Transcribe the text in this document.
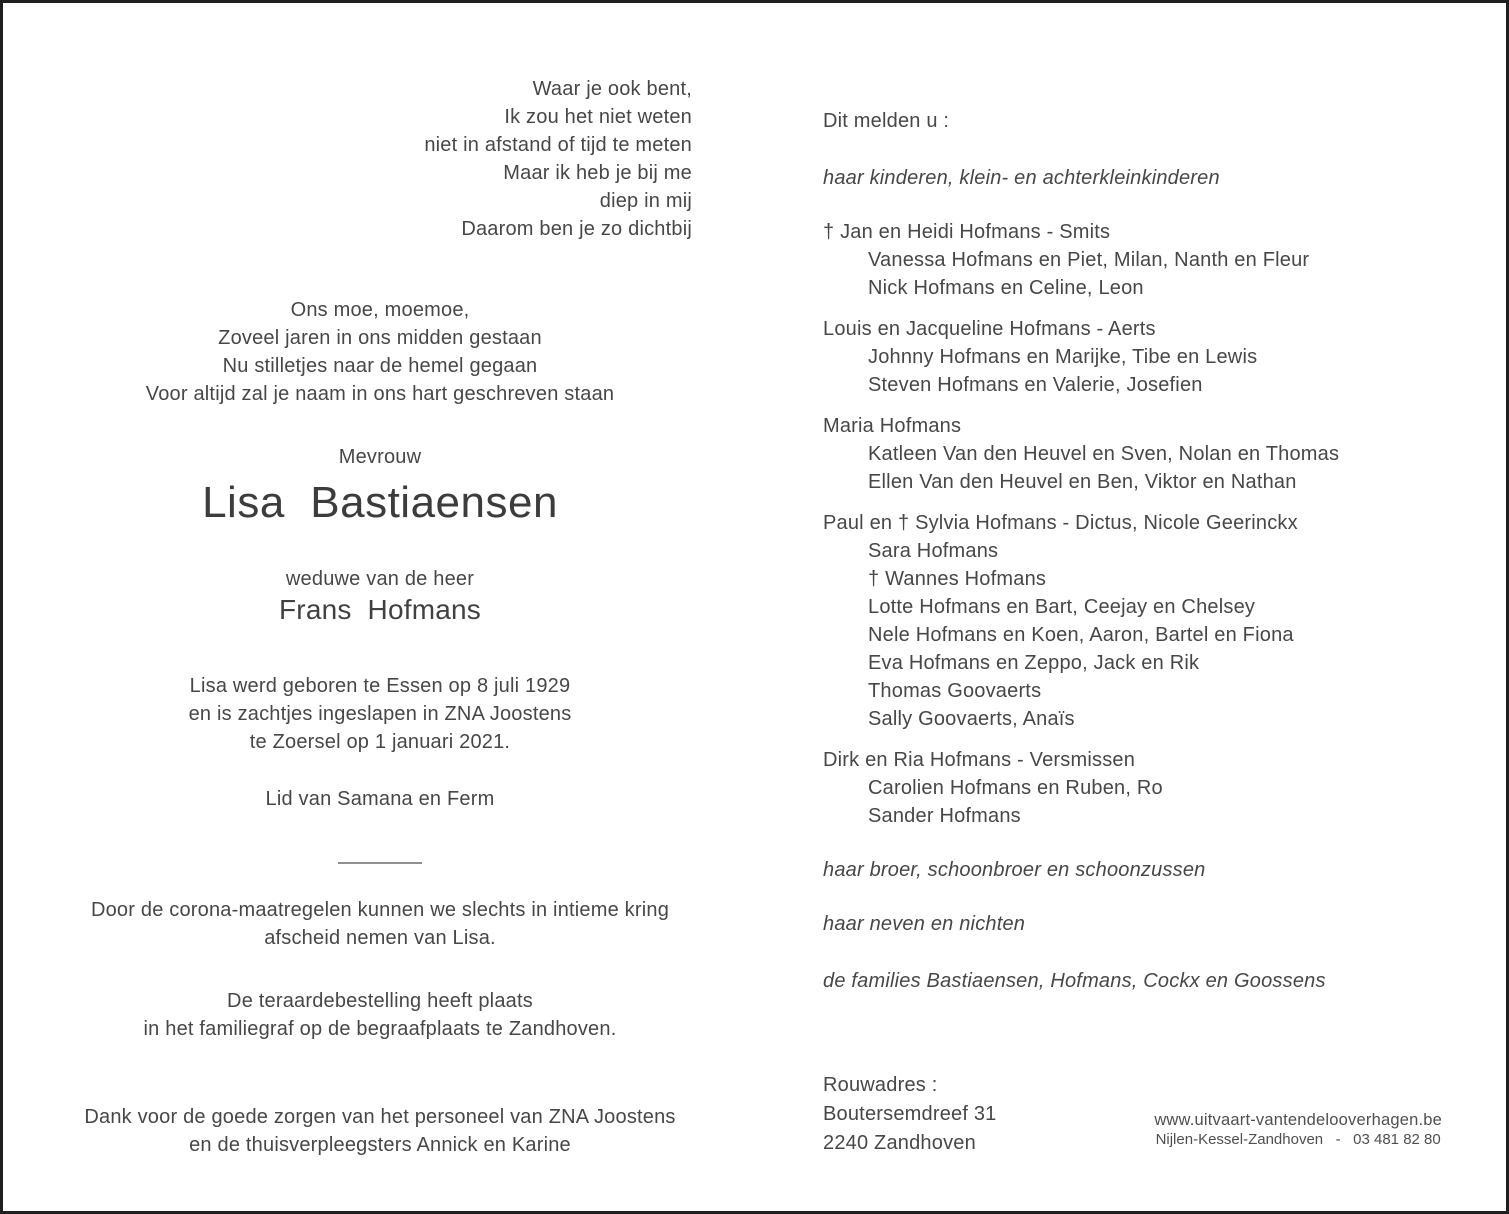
Waar je ook bent,
Ik zou het niet weten
niet in afstand of tijd te meten
Maar ik heb je bij me
diep in mij
Daarom ben je zo dichtbij
Ons moe, moemoe,
Zoveel jaren in ons midden gestaan
Nu stilletjes naar de hemel gegaan
Voor altijd zal je naam in ons hart geschreven staan
Mevrouw
Lisa  Bastiaensen
weduwe van de heer
Frans  Hofmans
Lisa werd geboren te Essen op 8 juli 1929
en is zachtjes ingeslapen in ZNA Joostens
te Zoersel op 1 januari 2021.
Lid van Samana en Ferm
Door de corona-maatregelen kunnen we slechts in intieme kring
afscheid nemen van Lisa.
De teraardebestelling heeft plaats
in het familiegraf op de begraafplaats te Zandhoven.
Dank voor de goede zorgen van het personeel van ZNA Joostens
en de thuisverpleegsters Annick en Karine
Dit melden u :
haar kinderen, klein- en achterkleinkinderen
† Jan en Heidi Hofmans - Smits
Vanessa Hofmans en Piet, Milan, Nanth en Fleur
Nick Hofmans en Celine, Leon
Louis en Jacqueline Hofmans - Aerts
Johnny Hofmans en Marijke, Tibe en Lewis
Steven Hofmans en Valerie, Josefien
Maria Hofmans
Katleen Van den Heuvel en Sven, Nolan en Thomas
Ellen Van den Heuvel en Ben, Viktor en Nathan
Paul en † Sylvia Hofmans - Dictus, Nicole Geerinckx
Sara Hofmans
† Wannes Hofmans
Lotte Hofmans en Bart, Ceejay en Chelsey
Nele Hofmans en Koen, Aaron, Bartel en Fiona
Eva Hofmans en Zeppo, Jack en Rik
Thomas Goovaerts
Sally Goovaerts, Anaïs
Dirk en Ria Hofmans - Versmissen
Carolien Hofmans en Ruben, Ro
Sander Hofmans
haar broer, schoonbroer en schoonzussen
haar neven en nichten
de families Bastiaensen, Hofmans, Cockx en Goossens
Rouwadres :
Boutersemdreef 31
2240 Zandhoven
www.uitvaart-vantendelooverhagen.be
Nijlen-Kessel-Zandhoven   -   03 481 82 80
